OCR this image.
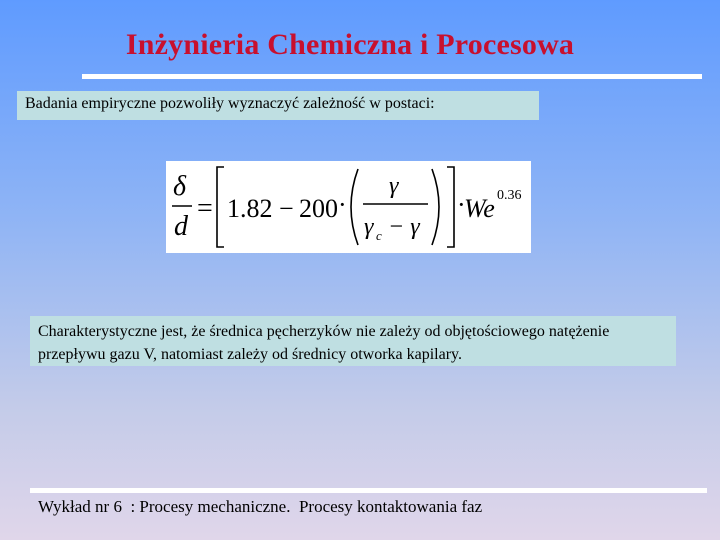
Inżynieria Chemiczna i Procesowa
Badania empiryczne pozwoliły wyznaczyć zależność w postaci:
δ
d
= 1.82 − 200 ·
γ
γ c − γ
·
We 0.36
Charakterystyczne jest, że średnica pęcherzyków nie zależy od objętościowego natężenie przepływu gazu V, natomiast zależy od średnicy otworka kapilary.
Wykład nr 6  : Procesy mechaniczne.  Procesy kontaktowania faz
